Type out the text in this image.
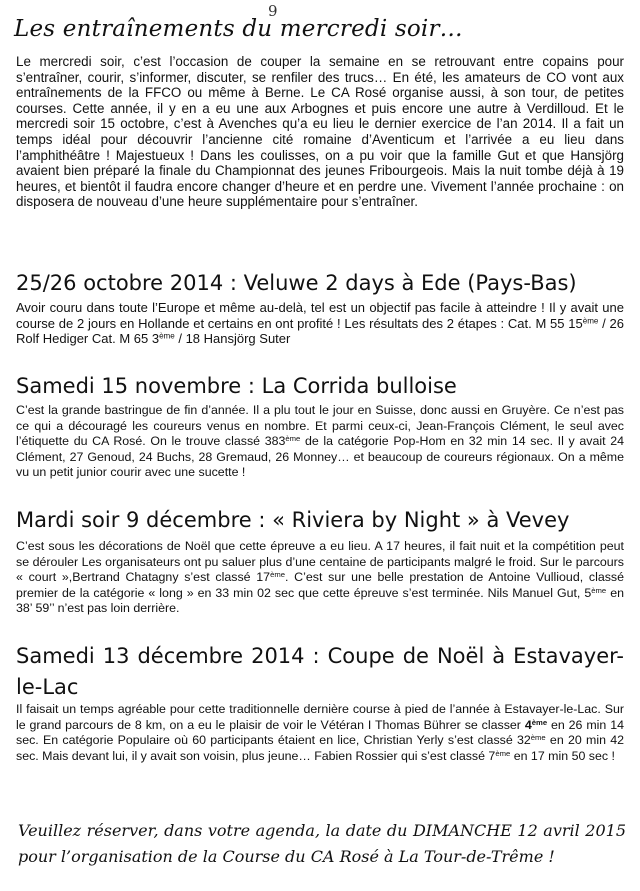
9
Les entraînements du mercredi soir…

Le mercredi soir, c’est l’occasion de couper la semaine en se retrouvant entre copains pour s’entraîner, courir, s’informer, discuter, se renfiler des trucs… En été, les amateurs de CO vont aux entraînements de la FFCO ou même à Berne. Le CA Rosé organise aussi, à son tour, de petites courses. Cette année, il y en a eu une aux Arbognes et puis encore une autre à Verdilloud. Et le mercredi soir 15 octobre, c’est à Avenches qu’a eu lieu le dernier exercice de l’an 2014. Il a fait un temps idéal pour découvrir l’ancienne cité romaine d’Aventicum et l’arrivée a eu lieu dans l’amphithéâtre ! Majestueux ! Dans les coulisses, on a pu voir que la famille Gut et que Hansjörg avaient bien préparé la finale du Championnat des jeunes Fribourgeois. Mais la nuit tombe déjà à 19 heures, et bientôt il faudra encore changer d’heure et en perdre une. Vivement l’année prochaine : on disposera de nouveau d’une heure supplémentaire pour s’entraîner.

25/26 octobre 2014 : Veluwe 2 days à Ede (Pays-Bas)

Avoir couru dans toute l’Europe et même au-delà, tel est un objectif pas facile à atteindre ! Il y avait une course de 2 jours en Hollande et certains en ont profité ! Les résultats des 2 étapes : Cat. M 55 15ème / 26 Rolf Hediger Cat. M 65 3ème / 18 Hansjörg Suter

Samedi 15 novembre : La Corrida bulloise

C’est la grande bastringue de fin d’année. Il a plu tout le jour en Suisse, donc aussi en Gruyère. Ce n’est pas ce qui a découragé les coureurs venus en nombre. Et parmi ceux-ci, Jean-François Clément, le seul avec l’étiquette du CA Rosé. On le trouve classé 383ème de la catégorie Pop-Hom en 32 min 14 sec. Il y avait 24 Clément, 27 Genoud, 24 Buchs, 28 Gremaud, 26 Monney… et beaucoup de coureurs régionaux. On a même vu un petit junior courir avec une sucette !

Mardi soir 9 décembre : « Riviera by Night » à Vevey

C’est sous les décorations de Noël que cette épreuve a eu lieu. A 17 heures, il fait nuit et la compétition peut se dérouler Les organisateurs ont pu saluer plus d’une centaine de participants malgré le froid. Sur le parcours « court »,Bertrand Chatagny s’est classé 17ème. C’est sur une belle prestation de Antoine Vullioud, classé premier de la catégorie « long » en 33 min 02 sec que cette épreuve s’est terminée. Nils Manuel Gut, 5ème en 38’ 59’’ n’est pas loin derrière.

Samedi 13 décembre 2014 : Coupe de Noël à Estavayer-le-Lac

Il faisait un temps agréable pour cette traditionnelle dernière course à pied de l’année à Estavayer-le-Lac. Sur le grand parcours de 8 km, on a eu le plaisir de voir le Vétéran I Thomas Bührer se classer 4ème en 26 min 14 sec. En catégorie Populaire où 60 participants étaient en lice, Christian Yerly s’est classé 32ème en 20 min 42 sec. Mais devant lui, il y avait son voisin, plus jeune… Fabien Rossier qui s’est classé 7ème en 17 min 50 sec !

Veuillez réserver, dans votre agenda, la date du DIMANCHE 12 avril 2015 pour l’organisation de la Course du CA Rosé à La Tour-de-Trême !
